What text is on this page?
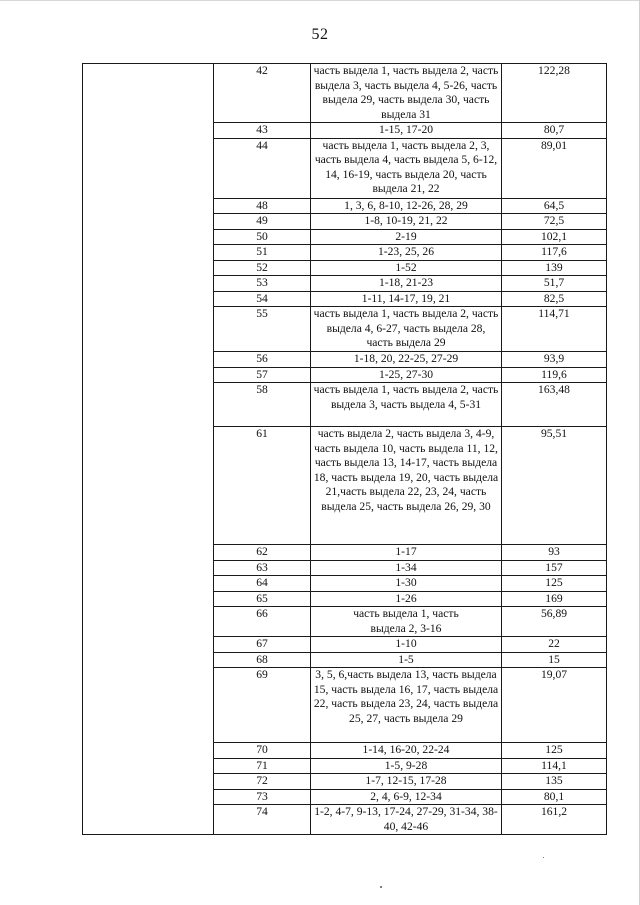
52
	42	часть выдела 1, часть выдела 2, часть выдела 3, часть выдела 4, 5-26, часть выдела 29, часть выдела 30, часть выдела 31	122,28
	43	1-15, 17-20	80,7
	44	часть выдела 1, часть выдела 2, 3, часть выдела 4, часть выдела 5, 6-12, 14, 16-19, часть выдела 20, часть выдела 21, 22	89,01
	48	1, 3, 6, 8-10, 12-26, 28, 29	64,5
	49	1-8, 10-19, 21, 22	72,5
	50	2-19	102,1
	51	1-23, 25, 26	117,6
	52	1-52	139
	53	1-18, 21-23	51,7
	54	1-11, 14-17, 19, 21	82,5
	55	часть выдела 1, часть выдела 2, часть выдела 4, 6-27, часть выдела 28, часть выдела 29	114,71
	56	1-18, 20, 22-25, 27-29	93,9
	57	1-25, 27-30	119,6
	58	часть выдела 1, часть выдела 2, часть выдела 3, часть выдела 4, 5-31	163,48
	61	часть выдела 2, часть выдела 3, 4-9, часть выдела 10, часть выдела 11, 12, часть выдела 13, 14-17, часть выдела 18, часть выдела 19, 20, часть выдела 21,часть выдела 22, 23, 24, часть выдела 25, часть выдела 26, 29, 30	95,51
	62	1-17	93
	63	1-34	157
	64	1-30	125
	65	1-26	169
	66	часть выдела 1, часть выдела 2, 3-16	56,89
	67	1-10	22
	68	1-5	15
	69	3, 5, 6,часть выдела 13, часть выдела 15, часть выдела 16, 17, часть выдела 22, часть выдела 23, 24, часть выдела 25, 27, часть выдела 29	19,07
	70	1-14, 16-20, 22-24	125
	71	1-5, 9-28	114,1
	72	1-7, 12-15, 17-28	135
	73	2, 4, 6-9, 12-34	80,1
	74	1-2, 4-7, 9-13, 17-24, 27-29, 31-34, 38-40, 42-46	161,2
